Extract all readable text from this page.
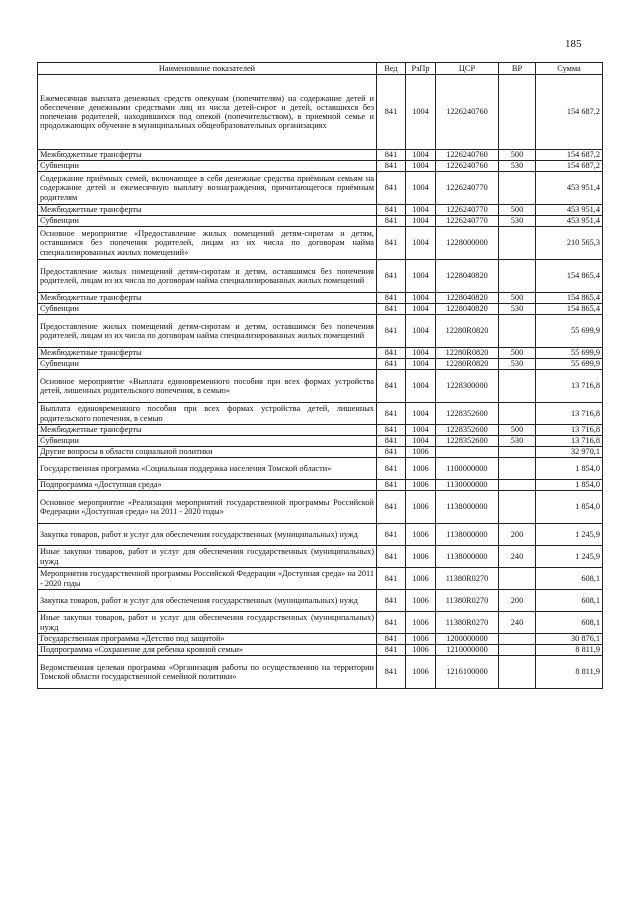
185
Наименование показателей	Вед	РзПр	ЦСР	ВР	Сумма
Ежемесячная выплата денежных средств опекунам (попечителям) на содержание детей и обеспечение денежными средствами лиц из числа детей-сирот и детей, оставшихся без попечения родителей, находившихся под опекой (попечительством), в приемной семье и продолжающих обучение в муниципальных общеобразовательных организациях	841	1004	1226240760		154 687,2
Межбюджетные трансферты	841	1004	1226240760	500	154 687,2
Субвенции	841	1004	1226240760	530	154 687,2
Содержание приёмных семей, включающее в себя денежные средства приёмным семьям на содержание детей и ежемесячную выплату вознаграждения, причитающегося приёмным родителям	841	1004	1226240770		453 951,4
Межбюджетные трансферты	841	1004	1226240770	500	453 951,4
Субвенции	841	1004	1226240770	530	453 951,4
Основное мероприятие «Предоставление жилых помещений детям-сиротам и детям, оставшимся без попечения родителей, лицам из их числа по договорам найма специализированных жилых помещений»	841	1004	1228000000		210 565,3
Предоставление жилых помещений детям-сиротам и детям, оставшимся без попечения родителей, лицам из их числа по договорам найма специализированных жилых помещений	841	1004	1228040820		154 865,4
Межбюджетные трансферты	841	1004	1228040820	500	154 865,4
Субвенции	841	1004	1228040820	530	154 865,4
Предоставление жилых помещений детям-сиротам и детям, оставшимся без попечения родителей, лицам из их числа по договорам найма специализированных жилых помещений	841	1004	12280R0820		55 699,9
Межбюджетные трансферты	841	1004	12280R0820	500	55 699,9
Субвенции	841	1004	12280R0820	530	55 699,9
Основное мероприятие «Выплата единовременного пособия при всех формах устройства детей, лишенных родительского попечения, в семью»	841	1004	1228300000		13 716,8
Выплата единовременного пособия при всех формах устройства детей, лишенных родительского попечения, в семью	841	1004	1228352600		13 716,8
Межбюджетные трансферты	841	1004	1228352600	500	13 716,8
Субвенции	841	1004	1228352600	530	13 716,8
Другие вопросы в области социальной политики	841	1006			32 970,1
Государственная программа «Социальная поддержка населения Томской области»	841	1006	1100000000		1 854,0
Подпрограмма «Доступная среда»	841	1006	1130000000		1 854,0
Основное мероприятие «Реализация мероприятий государственной программы Российской Федерации «Доступная среда» на 2011 - 2020 годы»	841	1006	1138000000		1 854,0
Закупка товаров, работ и услуг для обеспечения государственных (муниципальных) нужд	841	1006	1138000000	200	1 245,9
Иные закупки товаров, работ и услуг для обеспечения государственных (муниципальных) нужд	841	1006	1138000000	240	1 245,9
Мероприятия государственной программы Российской Федерации «Доступная среда» на 2011 - 2020 годы	841	1006	11380R0270		608,1
Закупка товаров, работ и услуг для обеспечения государственных (муниципальных) нужд	841	1006	11380R0270	200	608,1
Иные закупки товаров, работ и услуг для обеспечения государственных (муниципальных) нужд	841	1006	11380R0270	240	608,1
Государственная программа «Детство под защитой»	841	1006	1200000000		30 876,1
Подпрограмма «Сохранение для ребенка кровной семьи»	841	1006	1210000000		8 811,9
Ведомственная целевая программа «Организация работы по осуществлению на территории Томской области государственной семейной политики»	841	1006	1216100000		8 811,9
